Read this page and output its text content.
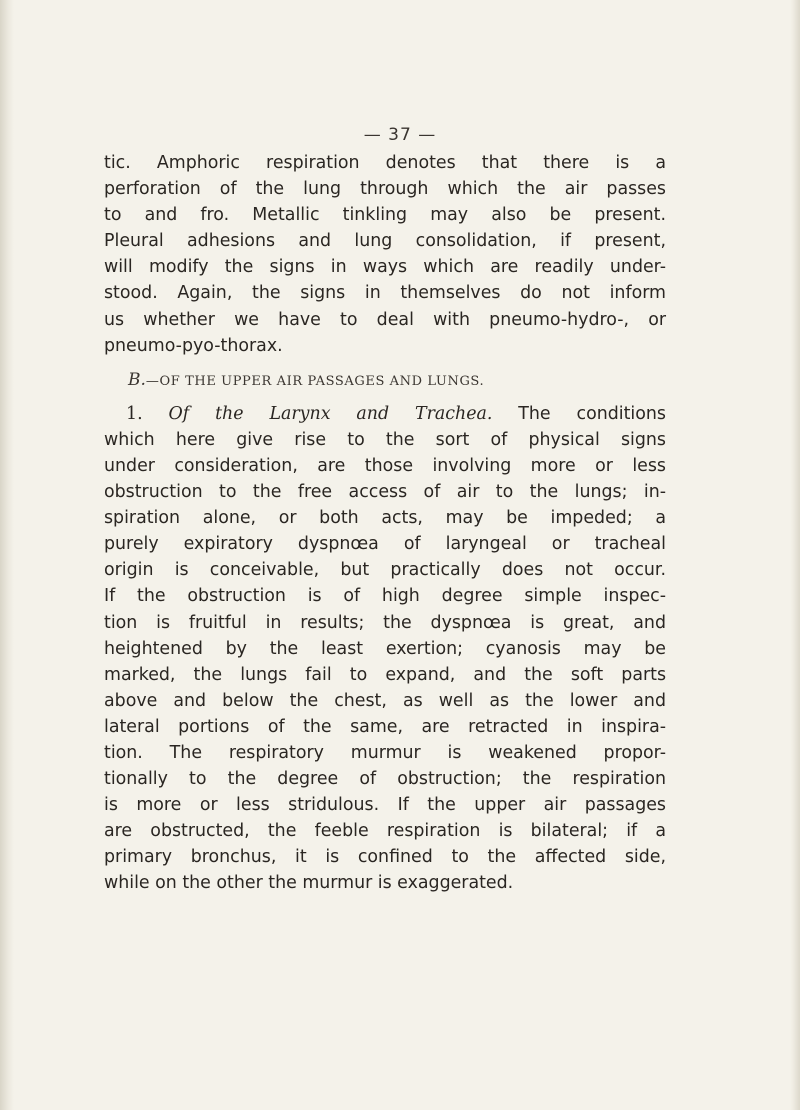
— 37 —

tic. Amphoric respiration denotes that there is a
perforation of the lung through which the air passes
to and fro. Metallic tinkling may also be present.
Pleural adhesions and lung consolidation, if present,
will modify the signs in ways which are readily under-
stood. Again, the signs in themselves do not inform
us whether we have to deal with pneumo-hydro-, or
pneumo-pyo-thorax.

B.—OF THE UPPER AIR PASSAGES AND LUNGS.

1. Of the Larynx and Trachea. The conditions
which here give rise to the sort of physical signs
under consideration, are those involving more or less
obstruction to the free access of air to the lungs; in-
spiration alone, or both acts, may be impeded; a
purely expiratory dyspnœa of laryngeal or tracheal
origin is conceivable, but practically does not occur.
If the obstruction is of high degree simple inspec-
tion is fruitful in results; the dyspnœa is great, and
heightened by the least exertion; cyanosis may be
marked, the lungs fail to expand, and the soft parts
above and below the chest, as well as the lower and
lateral portions of the same, are retracted in inspira-
tion. The respiratory murmur is weakened propor-
tionally to the degree of obstruction; the respiration
is more or less stridulous. If the upper air passages
are obstructed, the feeble respiration is bilateral; if a
primary bronchus, it is confined to the affected side,
while on the other the murmur is exaggerated.
